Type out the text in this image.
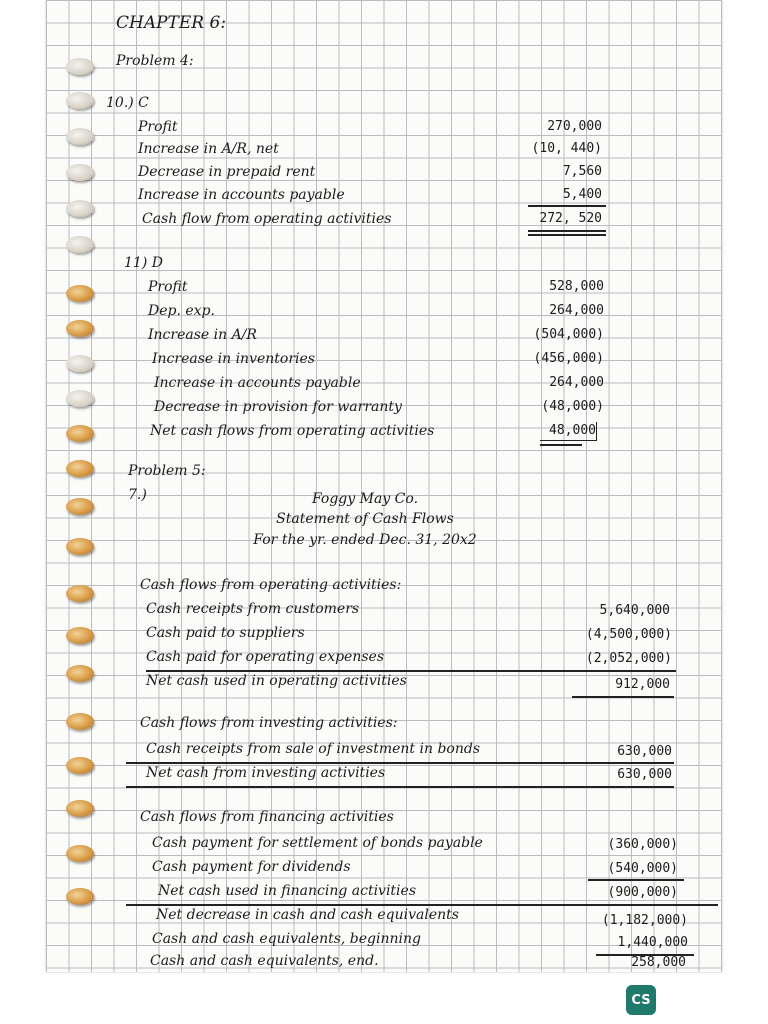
CHAPTER 6:
Problem 4:
10.) C
Profit	270,000
Increase in A/R, net	(10, 440)
Decrease in prepaid rent	7,560
Increase in accounts payable	5,400
Cash flow from operating activities	272, 520
11) D
Profit	528,000
Dep. exp.	264,000
Increase in A/R	(504,000)
Increase in inventories	(456,000)
Increase in accounts payable	264,000
Decrease in provision for warranty	(48,000)
Net cash flows from operating activities	48,000
Problem 5:
7.)	Foggy May Co.
Statement of Cash Flows
For the yr. ended Dec. 31, 20x2
Cash flows from operating activities:
Cash receipts from customers	5,640,000
Cash paid to suppliers	(4,500,000)
Cash paid for operating expenses	(2,052,000)
Net cash used in operating activities	912,000
Cash flows from investing activities:
Cash receipts from sale of investment in bonds	630,000
Net cash from investing activities	630,000
Cash flows from financing activities
Cash payment for settlement of bonds payable	(360,000)
Cash payment for dividends	(540,000)
Net cash used in financing activities	(900,000)
Net decrease in cash and cash equivalents	(1,182,000)
Cash and cash equivalents, beginning	1,440,000
Cash and cash equivalents, end.	258,000
CS
